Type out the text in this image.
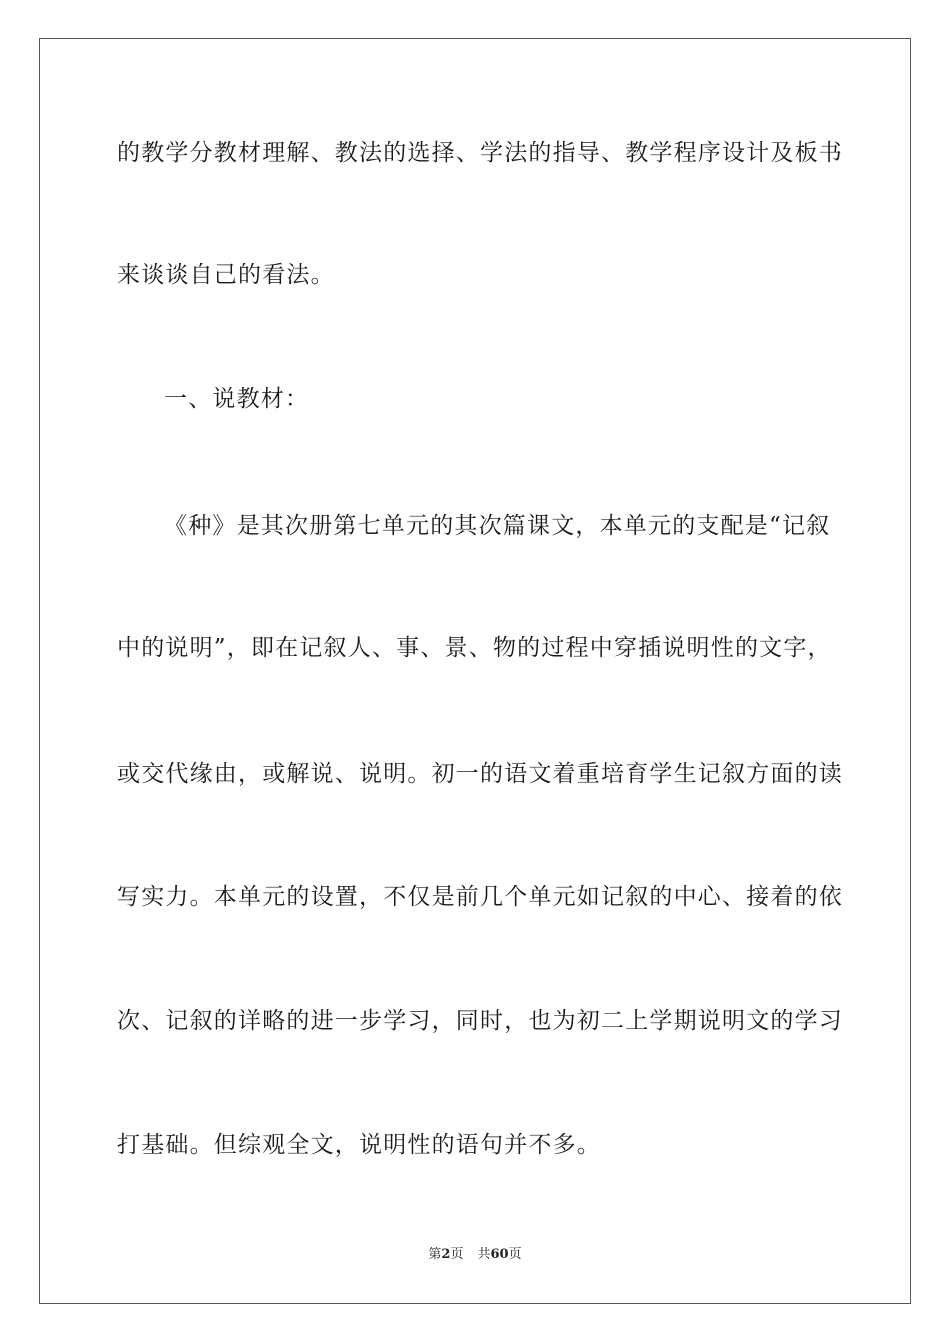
的教学分教材理解、教法的选择、学法的指导、教学程序设计及板书
来谈谈自己的看法。
一、说教材：
《种》是其次册第七单元的其次篇课文，本单元的支配是“记叙
中的说明”，即在记叙人、事、景、物的过程中穿插说明性的文字，
或交代缘由，或解说、说明。初一的语文着重培育学生记叙方面的读
写实力。本单元的设置，不仅是前几个单元如记叙的中心、接着的依
次、记叙的详略的进一步学习，同时，也为初二上学期说明文的学习
打基础。但综观全文，说明性的语句并不多。
第2页 共60页
